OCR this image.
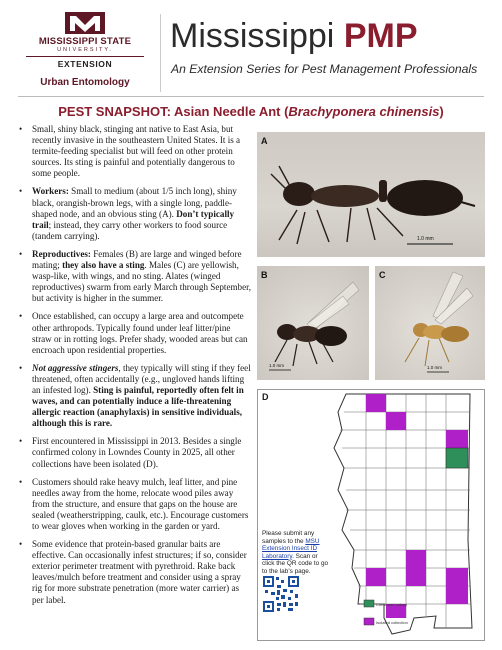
MISSISSIPPI STATE
UNIVERSITY.
EXTENSION
Urban Entomology
Mississippi PMP
An Extension Series for Pest Management Professionals
PEST SNAPSHOT: Asian Needle Ant (Brachyponera chinensis)
• Small, shiny black, stinging ant native to East Asia, but recently invasive in the southeastern United States. It is a termite-feeding specialist but will feed on other protein sources. Its sting is painful and potentially dangerous to some people.
• Workers: Small to medium (about 1/5 inch long), shiny black, orangish-brown legs, with a single long, paddle-shaped node, and an obvious sting (A). Don’t typically trail; instead, they carry other workers to food source (tandem carrying).
• Reproductives: Females (B) are large and winged before mating; they also have a sting. Males (C) are yellowish, wasp-like, with wings, and no sting. Alates (winged reproductives) swarm from early March through September, but activity is higher in the summer.
• Once established, can occupy a large area and outcompete other arthropods. Typically found under leaf litter/pine straw or in rotting logs. Prefer shady, wooded areas but can encroach upon residential properties.
• Not aggressive stingers, they typically will sting if they feel threatened, often accidentally (e.g., ungloved hands lifting an infested log). Sting is painful, reportedly often felt in waves, and can potentially induce a life-threatening allergic reaction (anaphylaxis) in sensitive individuals, although this is rare.
• First encountered in Mississippi in 2013. Besides a single confirmed colony in Lowndes County in 2025, all other collections have been isolated (D).
• Customers should rake heavy mulch, leaf litter, and pine needles away from the home, relocate wood piles away from the structure, and ensure that gaps on the house are sealed (weatherstripping, caulk, etc.). Encourage customers to wear gloves when working in the garden or yard.
• Some evidence that protein-based granular baits are effective. Can occasionally infest structures; if so, consider exterior perimeter treatment with pyrethroid. Rake back leaves/mulch before treatment and consider using a spray rig for more substrate penetration (more water carrier) as per label.
A
1.0 mm
B
1.0 mm
C
1.0 mm
Confirmed colony
Isolated collection
D
Please submit any samples to the MSU Extension Insect ID Laboratory. Scan or click the QR code to go to the lab’s page.
